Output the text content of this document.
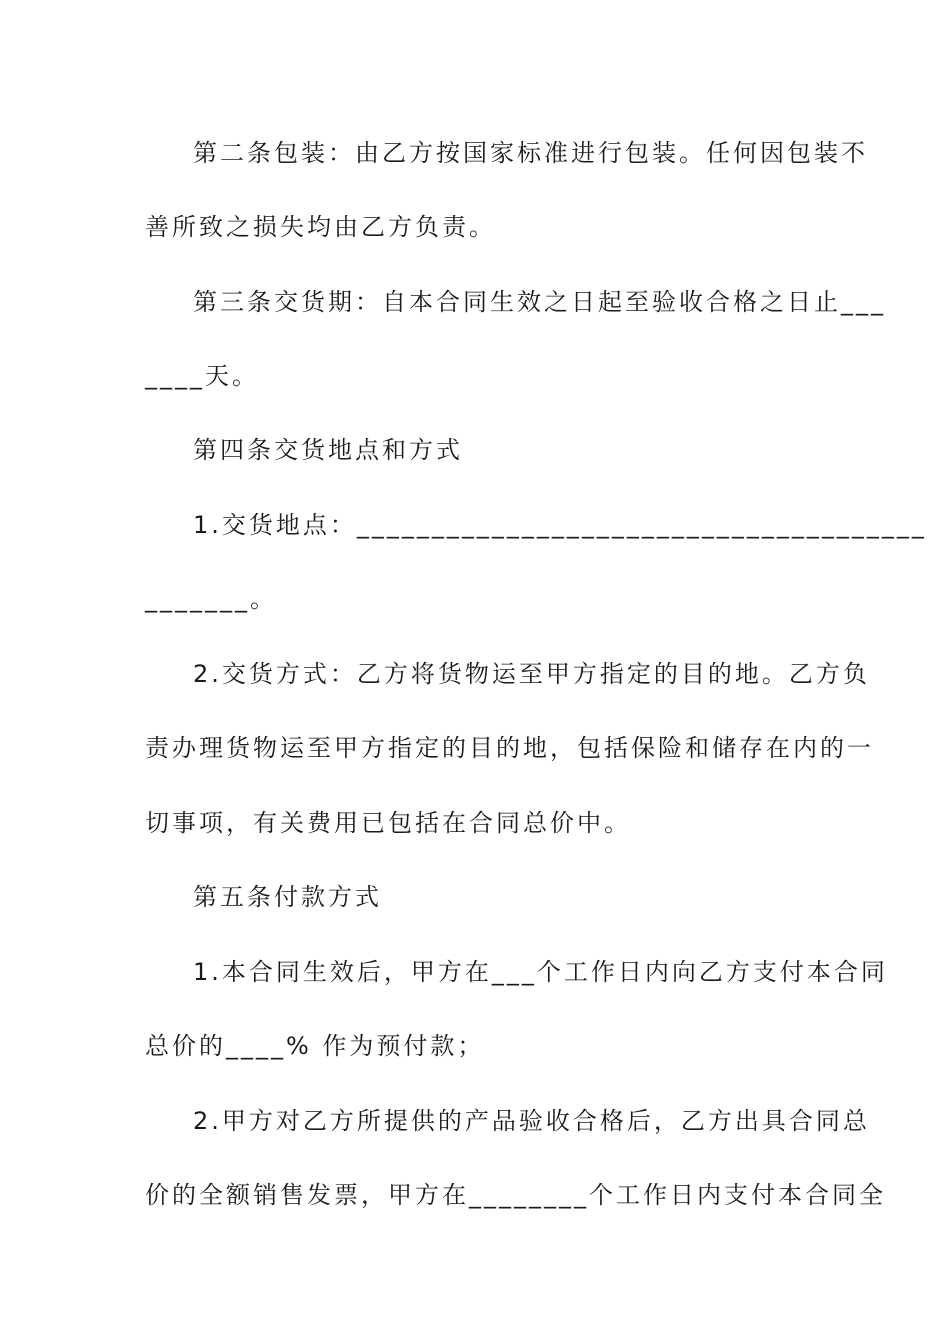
第二条包装：由乙方按国家标准进行包装。任何因包装不
善所致之损失均由乙方负责。
第三条交货期：自本合同生效之日起至验收合格之日止___
____天。
第四条交货地点和方式
1.交货地点：______________________________________
_______。
2.交货方式：乙方将货物运至甲方指定的目的地。乙方负
责办理货物运至甲方指定的目的地，包括保险和储存在内的一
切事项，有关费用已包括在合同总价中。
第五条付款方式
1.本合同生效后，甲方在___个工作日内向乙方支付本合同
总价的____% 作为预付款；
2.甲方对乙方所提供的产品验收合格后，乙方出具合同总
价的全额销售发票，甲方在________个工作日内支付本合同全
